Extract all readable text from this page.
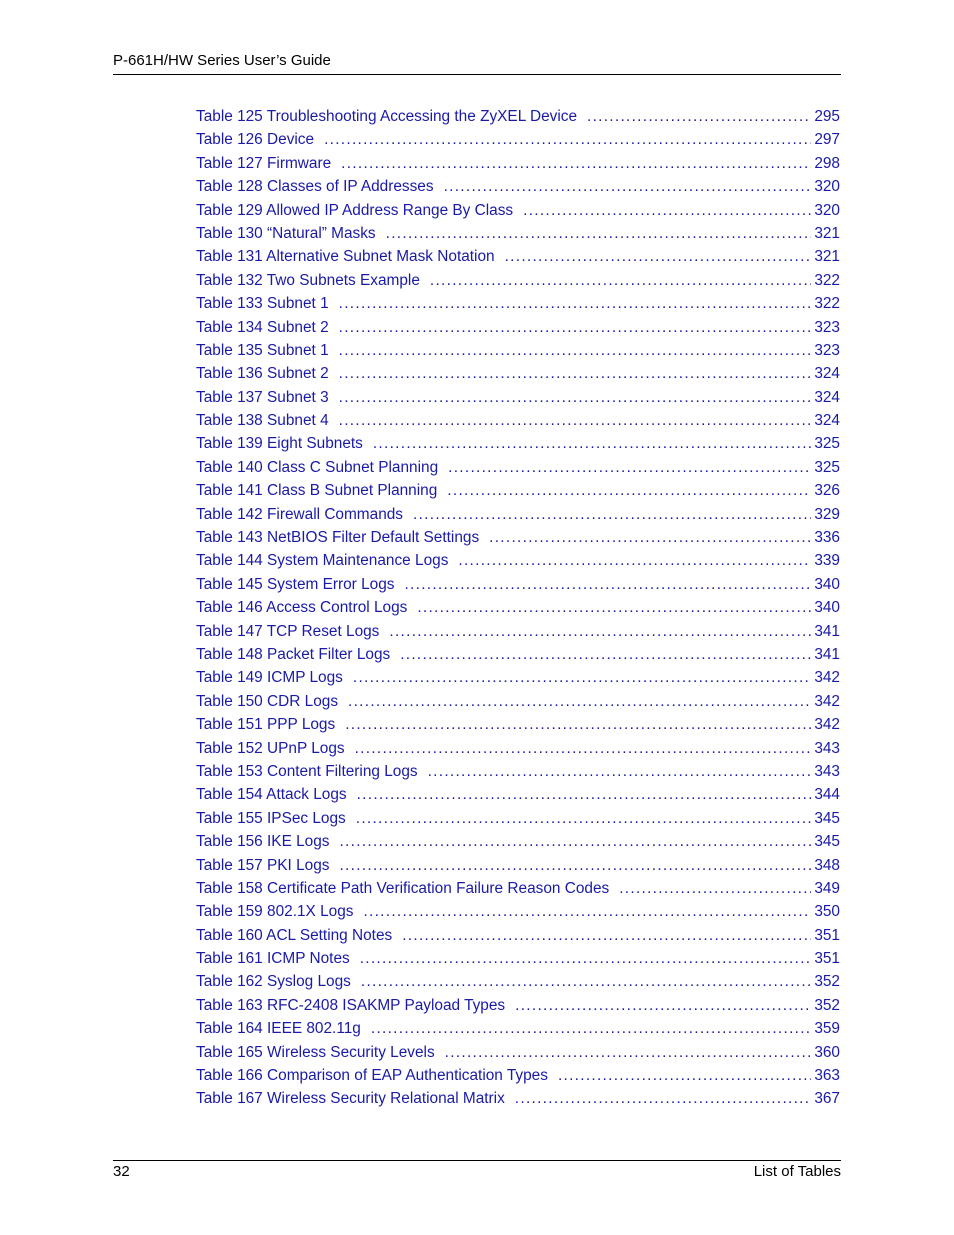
P-661H/HW Series User’s Guide
Table 125 Troubleshooting Accessing the ZyXEL Device .....	295
Table 126 Device .....	297
Table 127 Firmware .....	298
Table 128 Classes of IP Addresses .....	320
Table 129 Allowed IP Address Range By Class .....	320
Table 130 “Natural” Masks .....	321
Table 131 Alternative Subnet Mask Notation .....	321
Table 132 Two Subnets Example .....	322
Table 133 Subnet 1 .....	322
Table 134 Subnet 2 .....	323
Table 135 Subnet 1 .....	323
Table 136 Subnet 2 .....	324
Table 137 Subnet 3 .....	324
Table 138 Subnet 4 .....	324
Table 139 Eight Subnets .....	325
Table 140 Class C Subnet Planning .....	325
Table 141 Class B Subnet Planning .....	326
Table 142 Firewall Commands .....	329
Table 143 NetBIOS Filter Default Settings .....	336
Table 144 System Maintenance Logs .....	339
Table 145 System Error Logs .....	340
Table 146 Access Control Logs .....	340
Table 147 TCP Reset Logs .....	341
Table 148 Packet Filter Logs .....	341
Table 149 ICMP Logs .....	342
Table 150 CDR Logs .....	342
Table 151 PPP Logs .....	342
Table 152 UPnP Logs .....	343
Table 153 Content Filtering Logs .....	343
Table 154 Attack Logs .....	344
Table 155 IPSec Logs .....	345
Table 156 IKE Logs .....	345
Table 157 PKI Logs .....	348
Table 158 Certificate Path Verification Failure Reason Codes .....	349
Table 159 802.1X Logs .....	350
Table 160 ACL Setting Notes .....	351
Table 161 ICMP Notes .....	351
Table 162 Syslog Logs .....	352
Table 163 RFC-2408 ISAKMP Payload Types .....	352
Table 164 IEEE 802.11g .....	359
Table 165 Wireless Security Levels .....	360
Table 166 Comparison of EAP Authentication Types .....	363
Table 167 Wireless Security Relational Matrix .....	367
32	List of Tables
